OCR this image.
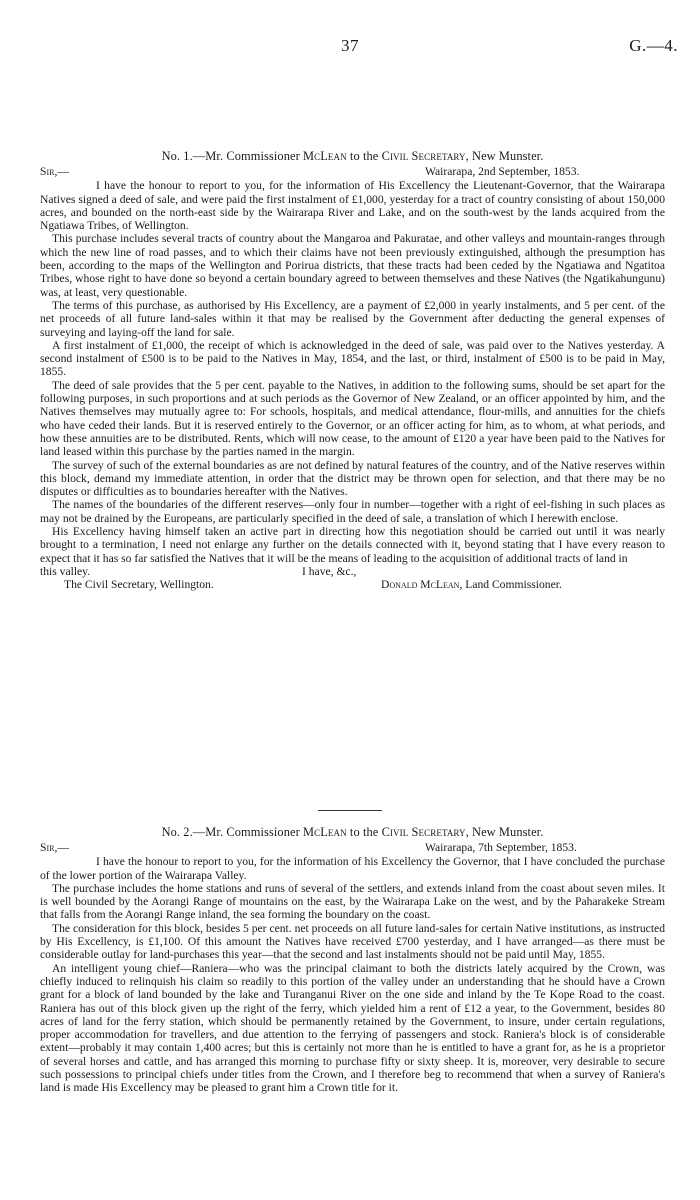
37	G.—4.
No. 1.—Mr. Commissioner McLean to the Civil Secretary, New Munster.
Sir,—	Wairarapa, 2nd September, 1853.

I have the honour to report to you, for the information of His Excellency the Lieutenant-Governor, that the Wairarapa Natives signed a deed of sale, and were paid the first instalment of £1,000, yesterday for a tract of country consisting of about 150,000 acres, and bounded on the north-east side by the Wairarapa River and Lake, and on the south-west by the lands acquired from the Ngatiawa Tribes, of Wellington.

This purchase includes several tracts of country about the Mangaroa and Pakuratae, and other valleys and mountain-ranges through which the new line of road passes, and to which their claims have not been previously extinguished, although the presumption has been, according to the maps of the Wellington and Porirua districts, that these tracts had been ceded by the Ngatiawa and Ngatitoa Tribes, whose right to have done so beyond a certain boundary agreed to between themselves and these Natives (the Ngatikahungunu) was, at least, very questionable.

The terms of this purchase, as authorised by His Excellency, are a payment of £2,000 in yearly instalments, and 5 per cent. of the net proceeds of all future land-sales within it that may be realised by the Government after deducting the general expenses of surveying and laying-off the land for sale.

A first instalment of £1,000, the receipt of which is acknowledged in the deed of sale, was paid over to the Natives yesterday. A second instalment of £500 is to be paid to the Natives in May, 1854, and the last, or third, instalment of £500 is to be paid in May, 1855.

The deed of sale provides that the 5 per cent. payable to the Natives, in addition to the following sums, should be set apart for the following purposes, in such proportions and at such periods as the Governor of New Zealand, or an officer appointed by him, and the Natives themselves may mutually agree to: For schools, hospitals, and medical attendance, flour-mills, and annuities for the chiefs who have ceded their lands. But it is reserved entirely to the Governor, or an officer acting for him, as to whom, at what periods, and how these annuities are to be distributed. Rents, which will now cease, to the amount of £120 a year have been paid to the Natives for land leased within this purchase by the parties named in the margin.

The survey of such of the external boundaries as are not defined by natural features of the country, and of the Native reserves within this block, demand my immediate attention, in order that the district may be thrown open for selection, and that there may be no disputes or difficulties as to boundaries hereafter with the Natives.

The names of the boundaries of the different reserves—only four in number—together with a right of eel-fishing in such places as may not be drained by the Europeans, are particularly specified in the deed of sale, a translation of which I herewith enclose.

His Excellency having himself taken an active part in directing how this negotiation should be carried out until it was nearly brought to a termination, I need not enlarge any further on the details connected with it, beyond stating that I have every reason to expect that it has so far satisfied the Natives that it will be the means of leading to the acquisition of additional tracts of land in

this valley.	I have, &c.,
The Civil Secretary, Wellington.	Donald McLean, Land Commissioner.
No. 2.—Mr. Commissioner McLean to the Civil Secretary, New Munster.
Sir,—	Wairarapa, 7th September, 1853.

I have the honour to report to you, for the information of his Excellency the Governor, that I have concluded the purchase of the lower portion of the Wairarapa Valley.

The purchase includes the home stations and runs of several of the settlers, and extends inland from the coast about seven miles. It is well bounded by the Aorangi Range of mountains on the east, by the Wairarapa Lake on the west, and by the Paharakeke Stream that falls from the Aorangi Range inland, the sea forming the boundary on the coast.

The consideration for this block, besides 5 per cent. net proceeds on all future land-sales for certain Native institutions, as instructed by His Excellency, is £1,100. Of this amount the Natives have received £700 yesterday, and I have arranged—as there must be considerable outlay for land-purchases this year—that the second and last instalments should not be paid until May, 1855.

An intelligent young chief—Raniera—who was the principal claimant to both the districts lately acquired by the Crown, was chiefly induced to relinquish his claim so readily to this portion of the valley under an understanding that he should have a Crown grant for a block of land bounded by the lake and Turanganui River on the one side and inland by the Te Kope Road to the coast. Raniera has out of this block given up the right of the ferry, which yielded him a rent of £12 a year, to the Government, besides 80 acres of land for the ferry station, which should be permanently retained by the Government, to insure, under certain regulations, proper accommodation for travellers, and due attention to the ferrying of passengers and stock. Raniera's block is of considerable extent—probably it may contain 1,400 acres; but this is certainly not more than he is entitled to have a grant for, as he is a proprietor of several horses and cattle, and has arranged this morning to purchase fifty or sixty sheep. It is, moreover, very desirable to secure such possessions to principal chiefs under titles from the Crown, and I therefore beg to recommend that when a survey of Raniera's land is made His Excellency may be pleased to grant him a Crown title for it.
